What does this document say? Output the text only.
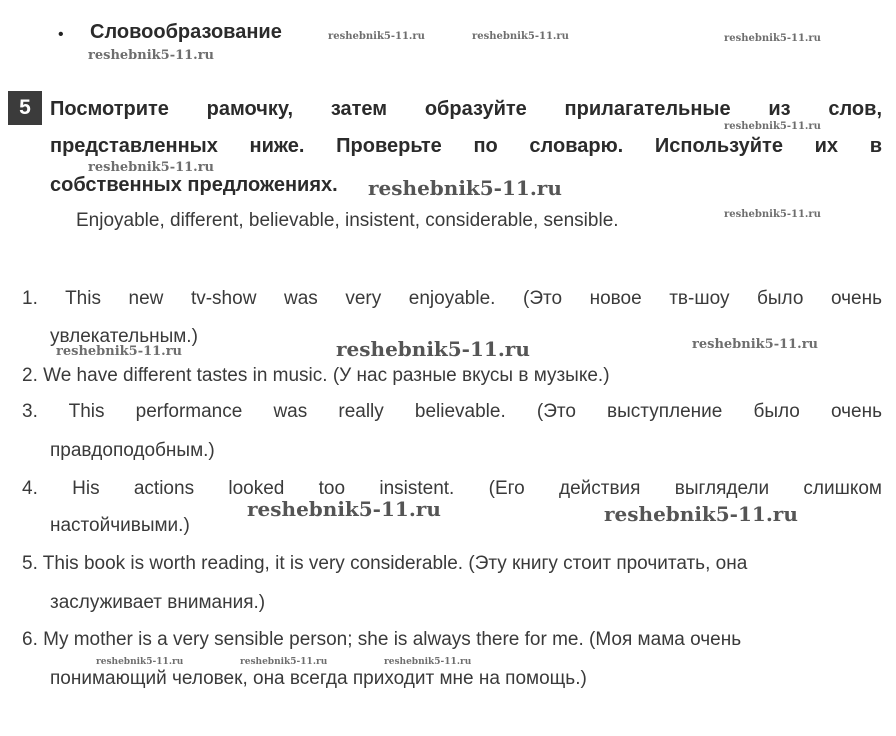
• Словообразование
5 Посмотрите рамочку, затем образуйте прилагательные из слов,
представленных ниже. Проверьте по словарю. Используйте их в
собственных предложениях.
Enjoyable, different, believable, insistent, considerable, sensible.
1. This new tv-show was very enjoyable. (Это новое тв-шоу было очень
увлекательным.)
2. We have different tastes in music. (У нас разные вкусы в музыке.)
3. This performance was really believable. (Это выступление было очень
правдоподобным.)
4. His actions looked too insistent. (Его действия выглядели слишком
настойчивыми.)
5. This book is worth reading, it is very considerable. (Эту книгу стоит прочитать, она
заслуживает внимания.)
6. My mother is a very sensible person; she is always there for me. (Моя мама очень
понимающий человек, она всегда приходит мне на помощь.)
reshebnik5-11.ru	reshebnik5-11.ru	reshebnik5-11.ru
reshebnik5-11.ru
reshebnik5-11.ru
reshebnik5-11.ru
reshebnik5-11.ru
reshebnik5-11.ru
reshebnik5-11.ru	reshebnik5-11.ru	reshebnik5-11.ru
reshebnik5-11.ru	reshebnik5-11.ru
reshebnik5-11.ru	reshebnik5-11.ru	reshebnik5-11.ru
